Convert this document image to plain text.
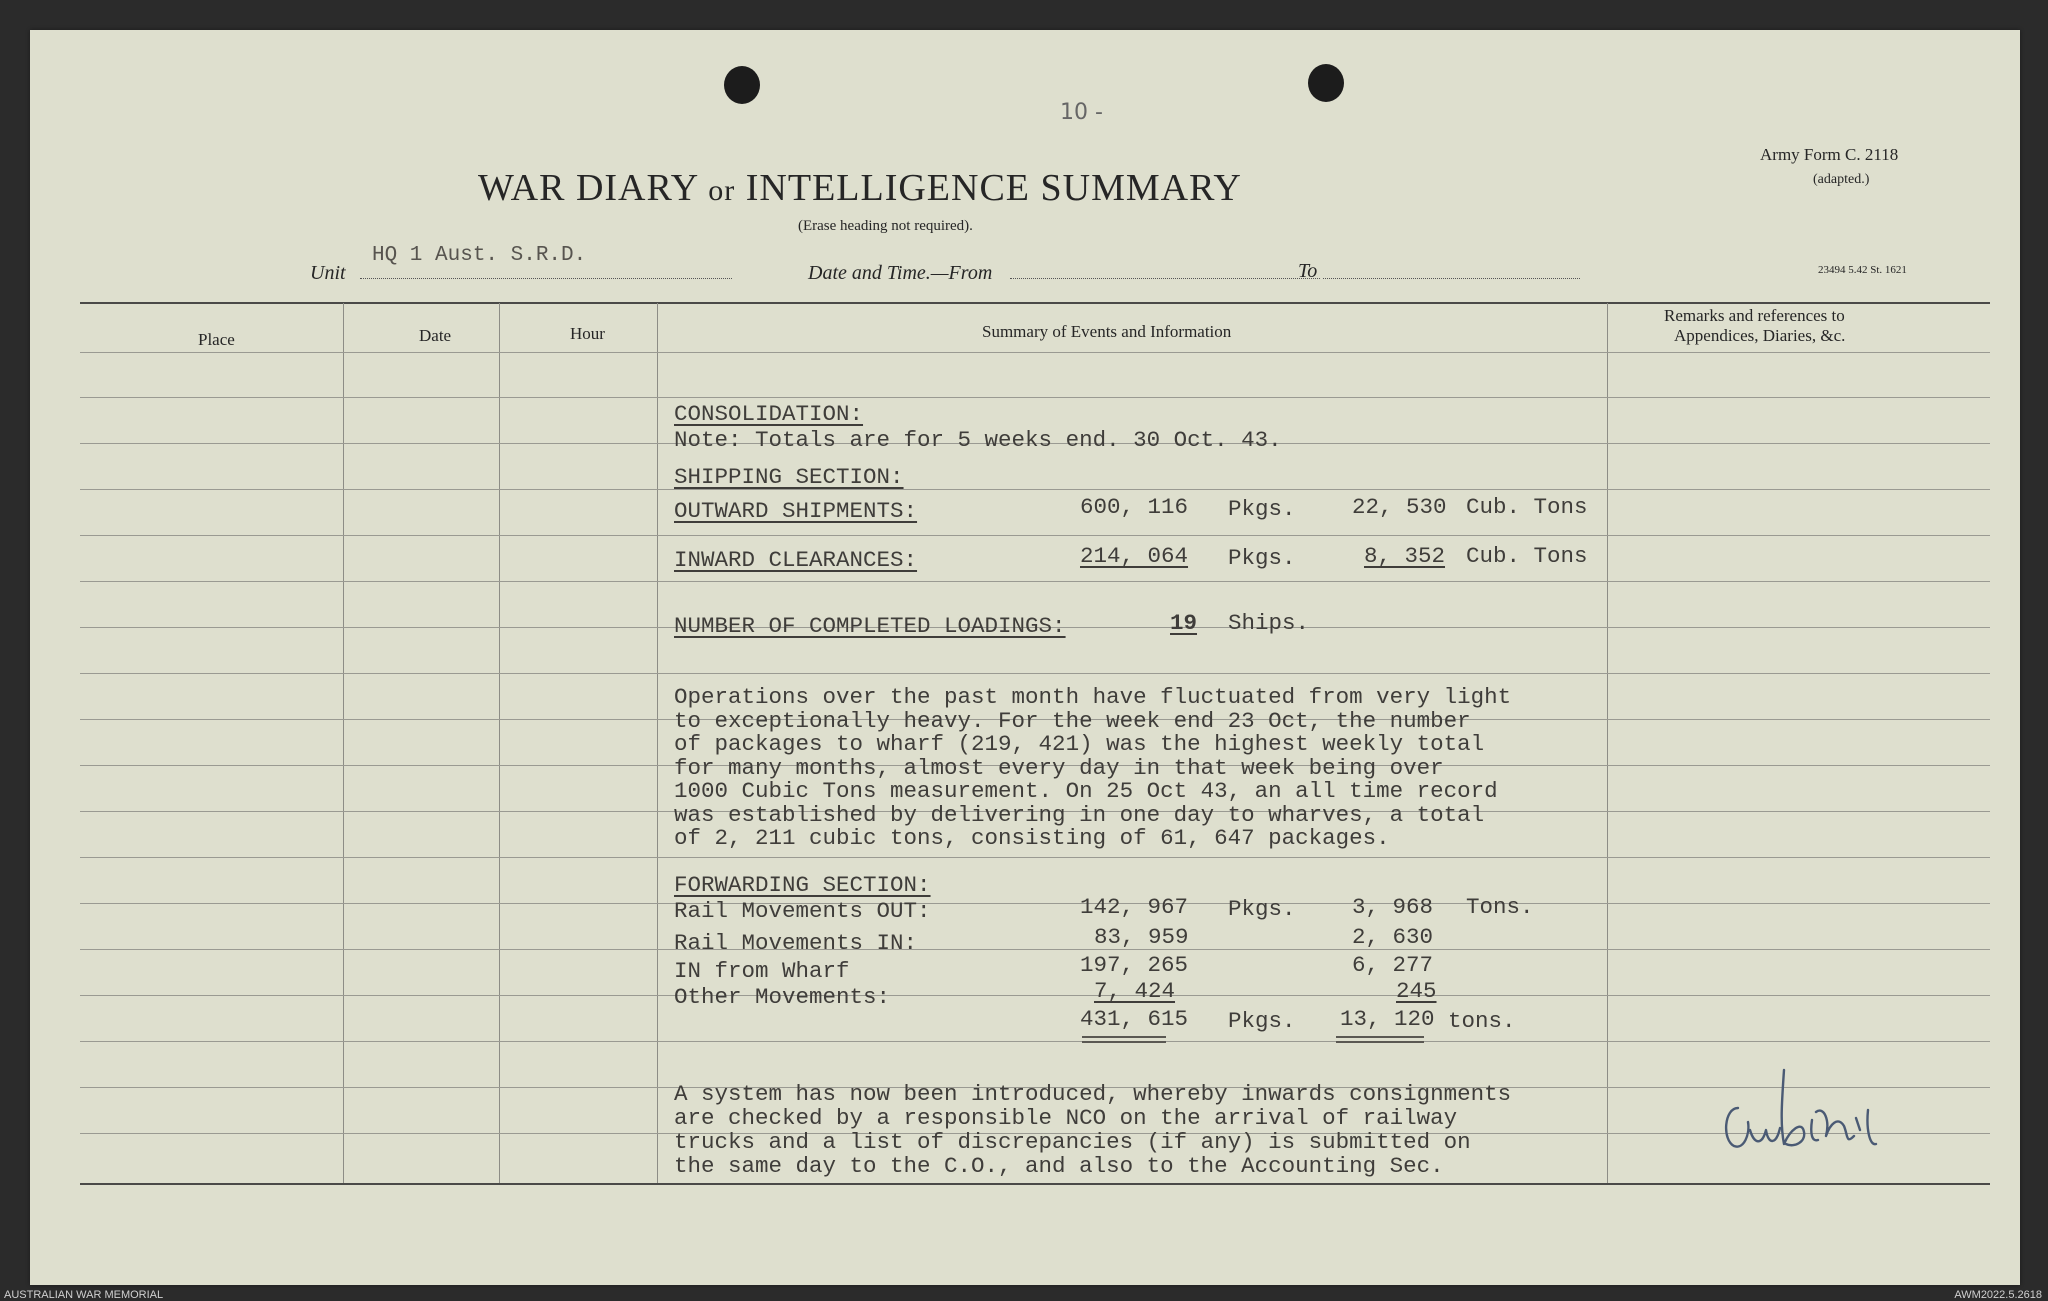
10 -
Army Form C. 2118
(adapted.)
WAR DIARY or INTELLIGENCE SUMMARY
(Erase heading not required).
Unit
HQ 1 Aust. S.R.D.
Date and Time.—From	To	23494 5.42 St. 1621
Place	Date	Hour	Summary of Events and Information
Remarks and references to
Appendices, Diaries, &c.
CONSOLIDATION:
Note: Totals are for 5 weeks end. 30 Oct. 43.
SHIPPING SECTION:
OUTWARD SHIPMENTS:	600, 116 Pkgs.	22, 530 Cub. Tons
INWARD CLEARANCES:	214, 064 Pkgs.	8, 352 Cub. Tons
NUMBER OF COMPLETED LOADINGS:	19 Ships.
Operations over the past month have fluctuated from very light
to exceptionally heavy. For the week end 23 Oct, the number
of packages to wharf (219, 421) was the highest weekly total
for many months, almost every day in that week being over
1000 Cubic Tons measurement. On 25 Oct 43, an all time record
was established by delivering in one day to wharves, a total
of 2, 211 cubic tons, consisting of 61, 647 packages.
FORWARDING SECTION:
Rail Movements OUT:	142, 967 Pkgs.	3, 968 Tons.
Rail Movements IN:	83, 959	2, 630
IN from Wharf	197, 265	6, 277
Other Movements:	7, 424	245
431, 615 Pkgs. 13, 120 tons.
A system has now been introduced, whereby inwards consignments
are checked by a responsible NCO on the arrival of railway
trucks and a list of discrepancies (if any) is submitted on
the same day to the C.O., and also to the Accounting Sec.
AUSTRALIAN WAR MEMORIAL	AWM2022.5.2618
